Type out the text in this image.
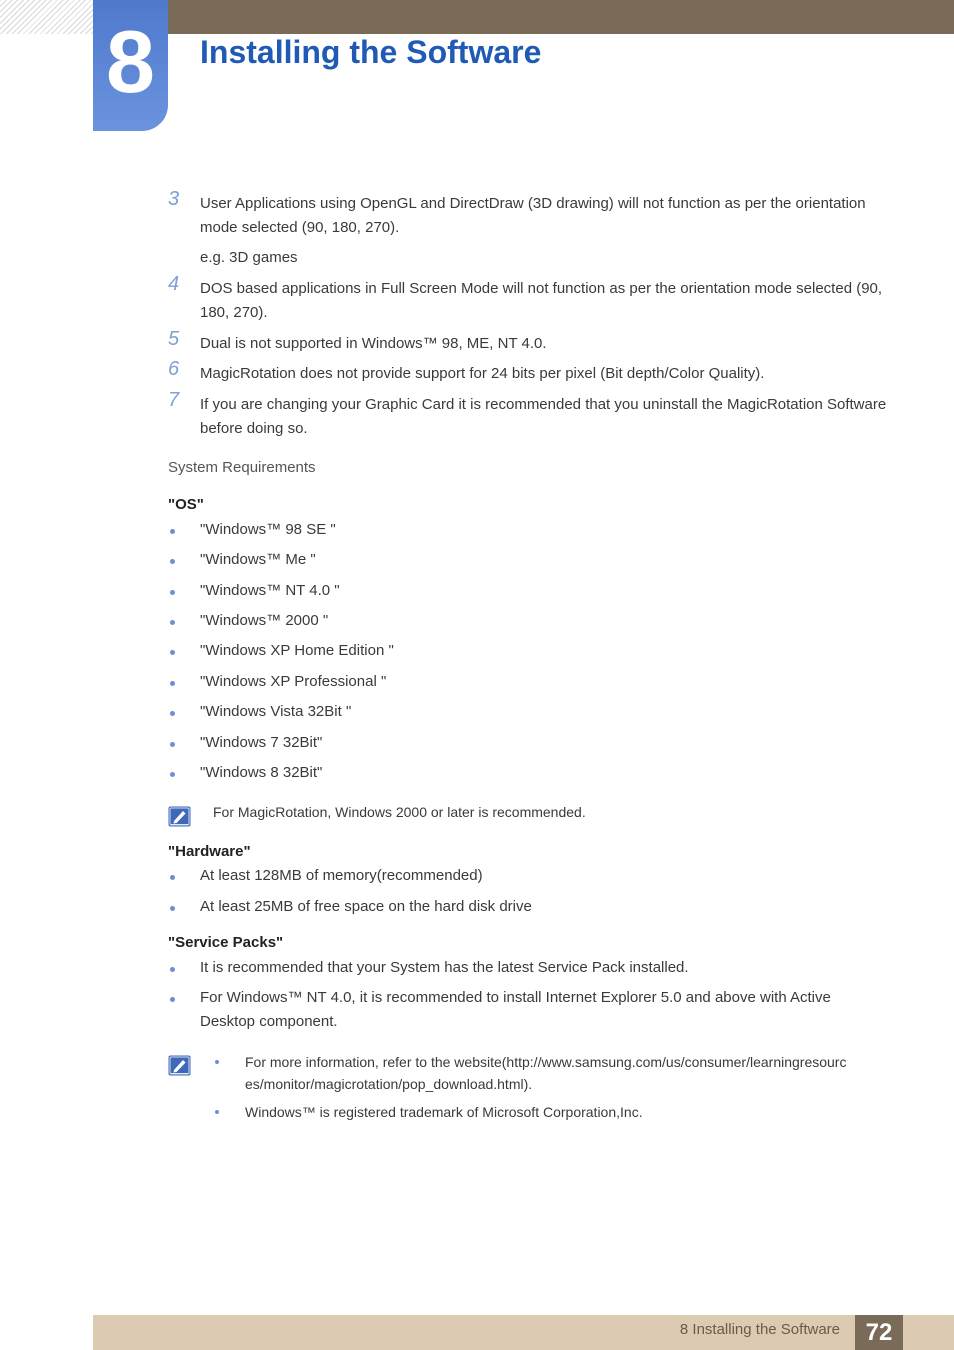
8	Installing the Software
3	User Applications using OpenGL and DirectDraw (3D drawing) will not function as per the orientation mode selected (90, 180, 270).
e.g. 3D games
4	DOS based applications in Full Screen Mode will not function as per the orientation mode selected (90, 180, 270).
5	Dual is not supported in Windows™ 98, ME, NT 4.0.
6	MagicRotation does not provide support for 24 bits per pixel (Bit depth/Color Quality).
7	If you are changing your Graphic Card it is recommended that you uninstall the MagicRotation Software before doing so.
System Requirements
"OS"
"Windows™ 98 SE "
"Windows™ Me "
"Windows™ NT 4.0 "
"Windows™ 2000 "
"Windows XP Home Edition "
"Windows XP Professional "
"Windows Vista 32Bit "
"Windows 7 32Bit"
"Windows 8 32Bit"
For MagicRotation, Windows 2000 or later is recommended.
"Hardware"
At least 128MB of memory(recommended)
At least 25MB of free space on the hard disk drive
"Service Packs"
It is recommended that your System has the latest Service Pack installed.
For Windows™ NT 4.0, it is recommended to install Internet Explorer 5.0 and above with Active Desktop component.
For more information, refer to the website(http://www.samsung.com/us/consumer/learningresources/monitor/magicrotation/pop_download.html).
Windows™ is registered trademark of Microsoft Corporation,Inc.
8 Installing the Software	72
